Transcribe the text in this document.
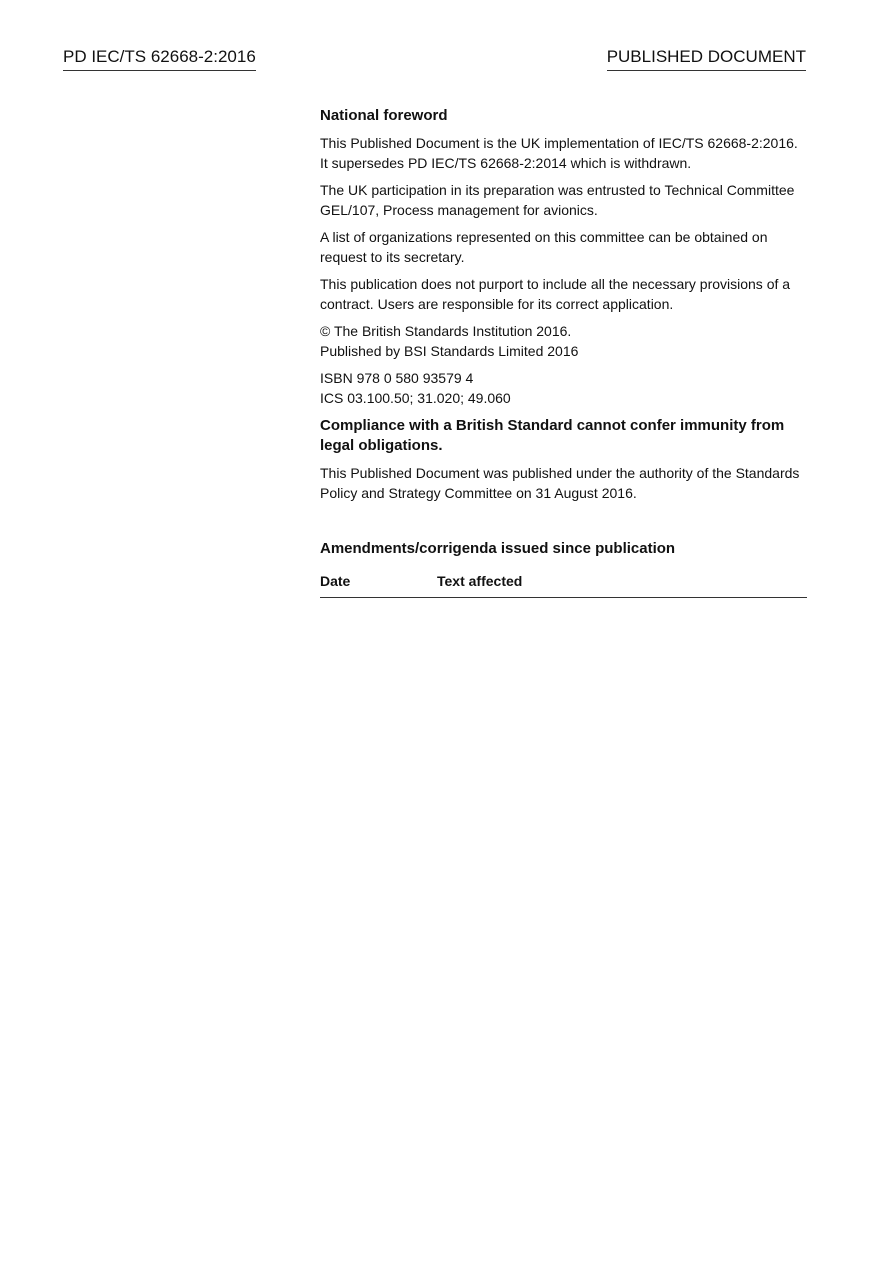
PD IEC/TS 62668-2:2016	PUBLISHED DOCUMENT
National foreword

This Published Document is the UK implementation of IEC/TS 62668-2:2016. It supersedes PD IEC/TS 62668-2:2014 which is withdrawn.

The UK participation in its preparation was entrusted to Technical Committee GEL/107, Process management for avionics.

A list of organizations represented on this committee can be obtained on request to its secretary.

This publication does not purport to include all the necessary provisions of a contract. Users are responsible for its correct application.

© The British Standards Institution 2016.
Published by BSI Standards Limited 2016

ISBN 978 0 580 93579 4
ICS 03.100.50; 31.020; 49.060

Compliance with a British Standard cannot confer immunity from legal obligations.

This Published Document was published under the authority of the Standards Policy and Strategy Committee on 31 August 2016.

Amendments/corrigenda issued since publication
Date	Text affected
